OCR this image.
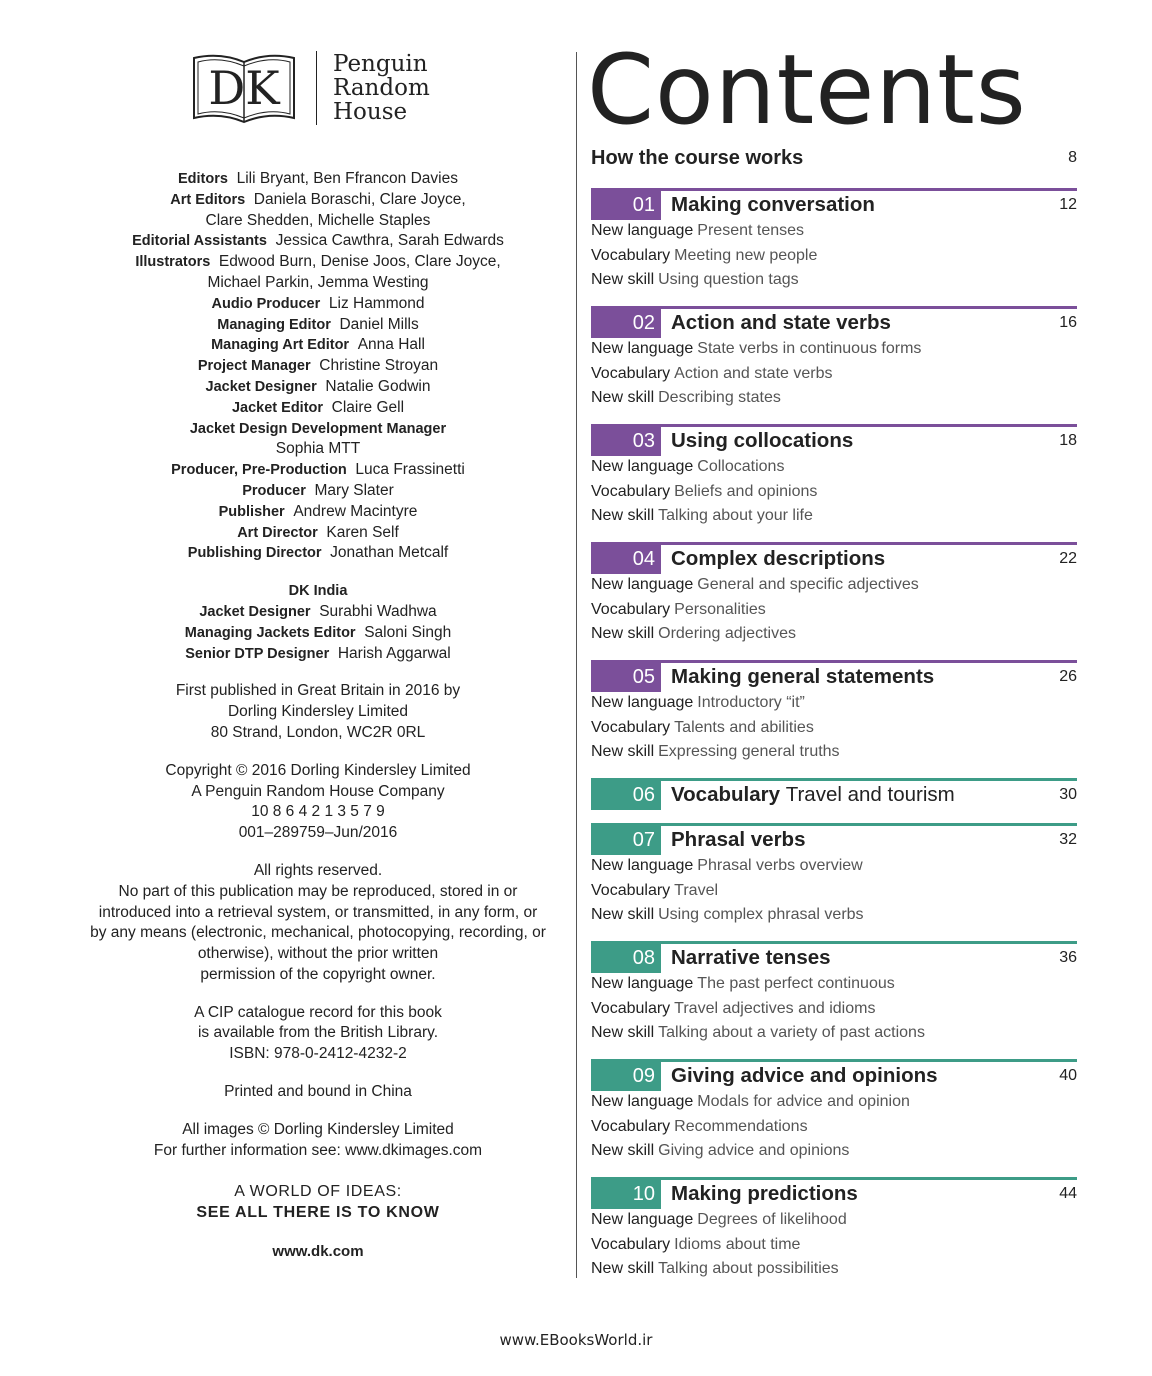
DK Penguin
Random
House
Editors Lili Bryant, Ben Ffrancon Davies
Art Editors Daniela Boraschi, Clare Joyce,
Clare Shedden, Michelle Staples
Editorial Assistants Jessica Cawthra, Sarah Edwards
Illustrators Edwood Burn, Denise Joos, Clare Joyce,
Michael Parkin, Jemma Westing
Audio Producer Liz Hammond
Managing Editor Daniel Mills
Managing Art Editor Anna Hall
Project Manager Christine Stroyan
Jacket Designer Natalie Godwin
Jacket Editor Claire Gell
Jacket Design Development Manager
Sophia MTT
Producer, Pre-Production Luca Frassinetti
Producer Mary Slater
Publisher Andrew Macintyre
Art Director Karen Self
Publishing Director Jonathan Metcalf
DK India
Jacket Designer Surabhi Wadhwa
Managing Jackets Editor Saloni Singh
Senior DTP Designer Harish Aggarwal
First published in Great Britain in 2016 by
Dorling Kindersley Limited
80 Strand, London, WC2R 0RL
Copyright © 2016 Dorling Kindersley Limited
A Penguin Random House Company
10 8 6 4 2 1 3 5 7 9
001–289759–Jun/2016
All rights reserved.
No part of this publication may be reproduced, stored in or
introduced into a retrieval system, or transmitted, in any form, or
by any means (electronic, mechanical, photocopying, recording, or
otherwise), without the prior written
permission of the copyright owner.
A CIP catalogue record for this book
is available from the British Library.
ISBN: 978-0-2412-4232-2
Printed and bound in China
All images © Dorling Kindersley Limited
For further information see: www.dkimages.com
A WORLD OF IDEAS:
SEE ALL THERE IS TO KNOW
www.dk.com
Contents
How the course works	8
01 Making conversation	12
New language Present tenses
Vocabulary Meeting new people
New skill Using question tags
02 Action and state verbs	16
New language State verbs in continuous forms
Vocabulary Action and state verbs
New skill Describing states
03 Using collocations	18
New language Collocations
Vocabulary Beliefs and opinions
New skill Talking about your life
04 Complex descriptions	22
New language General and specific adjectives
Vocabulary Personalities
New skill Ordering adjectives
05 Making general statements	26
New language Introductory “it”
Vocabulary Talents and abilities
New skill Expressing general truths
06 Vocabulary Travel and tourism	30
07 Phrasal verbs	32
New language Phrasal verbs overview
Vocabulary Travel
New skill Using complex phrasal verbs
08 Narrative tenses	36
New language The past perfect continuous
Vocabulary Travel adjectives and idioms
New skill Talking about a variety of past actions
09 Giving advice and opinions	40
New language Modals for advice and opinion
Vocabulary Recommendations
New skill Giving advice and opinions
10 Making predictions	44
New language Degrees of likelihood
Vocabulary Idioms about time
New skill Talking about possibilities
www.EBooksWorld.ir
